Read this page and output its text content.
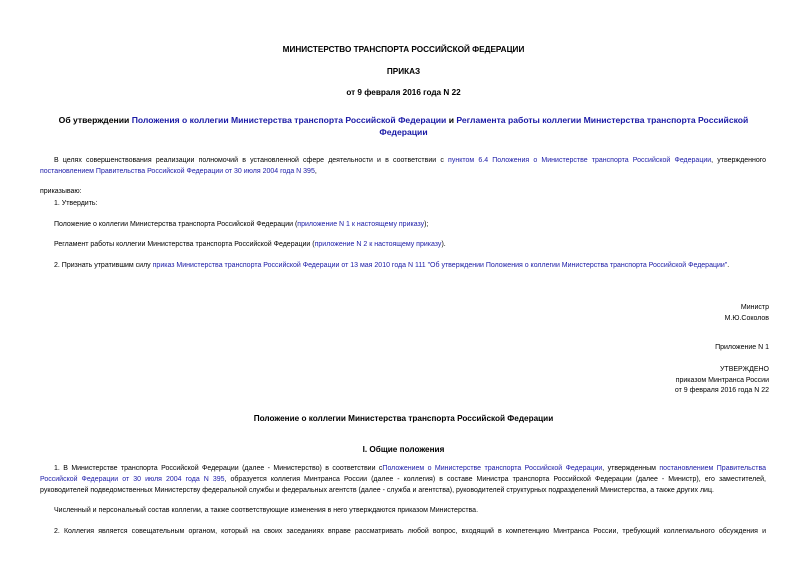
МИНИСТЕРСТВО ТРАНСПОРТА РОССИЙСКОЙ ФЕДЕРАЦИИ
ПРИКАЗ
от 9 февраля 2016 года N 22
Об утверждении Положения о коллегии Министерства транспорта Российской Федерации и Регламента работы коллегии Министерства транспорта Российской
Федерации
В целях совершенствования реализации полномочий в установленной сфере деятельности и в соответствии с пунктом 6.4 Положения о Министерстве транспорта Российской Федерации, утвержденного
постановлением Правительства Российской Федерации от 30 июля 2004 года N 395,
приказываю:
1. Утвердить:
Положение о коллегии Министерства транспорта Российской Федерации (приложение N 1 к настоящему приказу);
Регламент работы коллегии Министерства транспорта Российской Федерации (приложение N 2 к настоящему приказу).
2. Признать утратившим силу приказ Министерства транспорта Российской Федерации от 13 мая 2010 года N 111 "Об утверждении Положения о коллегии Министерства транспорта Российской Федерации".
Министр
М.Ю.Соколов
Приложение N 1
УТВЕРЖДЕНО
приказом Минтранса России
от 9 февраля 2016 года N 22
Положение о коллегии Министерства транспорта Российской Федерации
I. Общие положения
1. В Министерстве транспорта Российской Федерации (далее - Министерство) в соответствии сПоложением о Министерстве транспорта Российской Федерации, утвержденным постановлением Правительства
Российской Федерации от 30 июля 2004 года N 395, образуется коллегия Минтранса России (далее - коллегия) в составе Министра транспорта Российской Федерации (далее - Министр), его заместителей,
руководителей подведомственных Министерству федеральной службы и федеральных агентств (далее - служба и агентства), руководителей структурных подразделений Министерства, а также других лиц.
Численный и персональный состав коллегии, а также соответствующие изменения в него утверждаются приказом Министерства.
2. Коллегия является совещательным органом, который на своих заседаниях вправе рассматривать любой вопрос, входящий в компетенцию Минтранса России, требующий коллегиального обсуждения и
